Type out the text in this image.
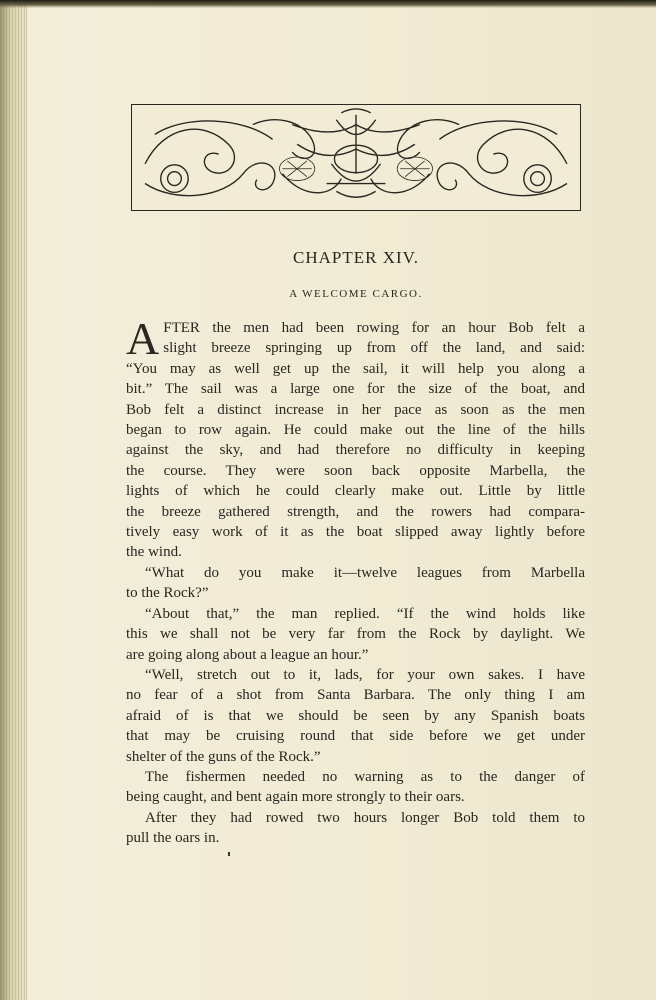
CHAPTER XIV.
A WELCOME CARGO.

A FTER the men had been rowing for an hour Bob felt a
slight breeze springing up from off the land, and said:
“You may as well get up the sail, it will help you along a
bit.” The sail was a large one for the size of the boat, and
Bob felt a distinct increase in her pace as soon as the men
began to row again. He could make out the line of the hills
against the sky, and had therefore no difficulty in keeping
the course. They were soon back opposite Marbella, the
lights of which he could clearly make out. Little by little
the breeze gathered strength, and the rowers had compara-
tively easy work of it as the boat slipped away lightly before
the wind.

“What do you make it—twelve leagues from Marbella
to the Rock?”

“About that,” the man replied. “If the wind holds like
this we shall not be very far from the Rock by daylight. We
are going along about a league an hour.”

“Well, stretch out to it, lads, for your own sakes. I have
no fear of a shot from Santa Barbara. The only thing I am
afraid of is that we should be seen by any Spanish boats
that may be cruising round that side before we get under
shelter of the guns of the Rock.”

The fishermen needed no warning as to the danger of
being caught, and bent again more strongly to their oars.

After they had rowed two hours longer Bob told them to
pull the oars in.
